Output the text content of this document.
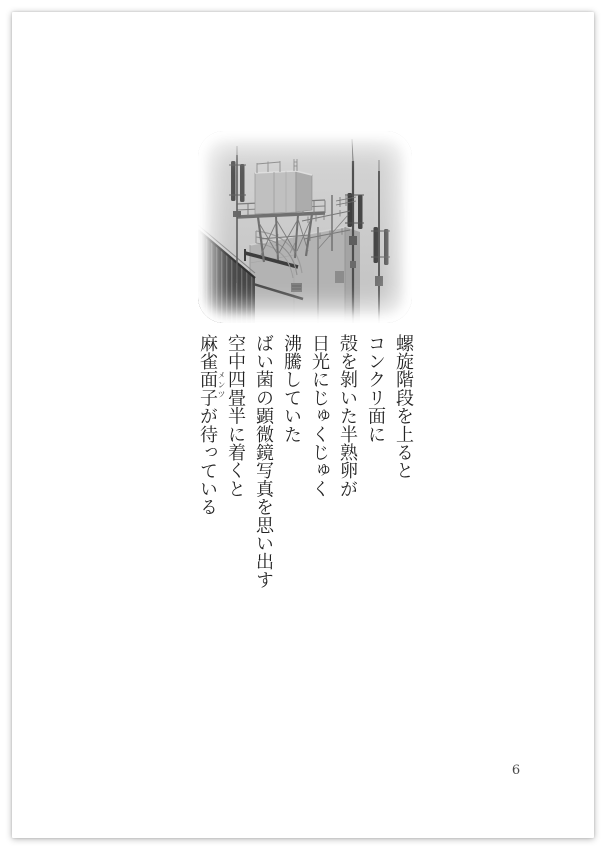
螺旋階段を上ると
コンクリ面に
殻を剝いた半熟卵が
日光にじゅくじゅく
沸騰していた
ばい菌の顕微鏡写真を思い出す
空中四畳半に着くと
麻雀面子が待っている
メンツ
6
